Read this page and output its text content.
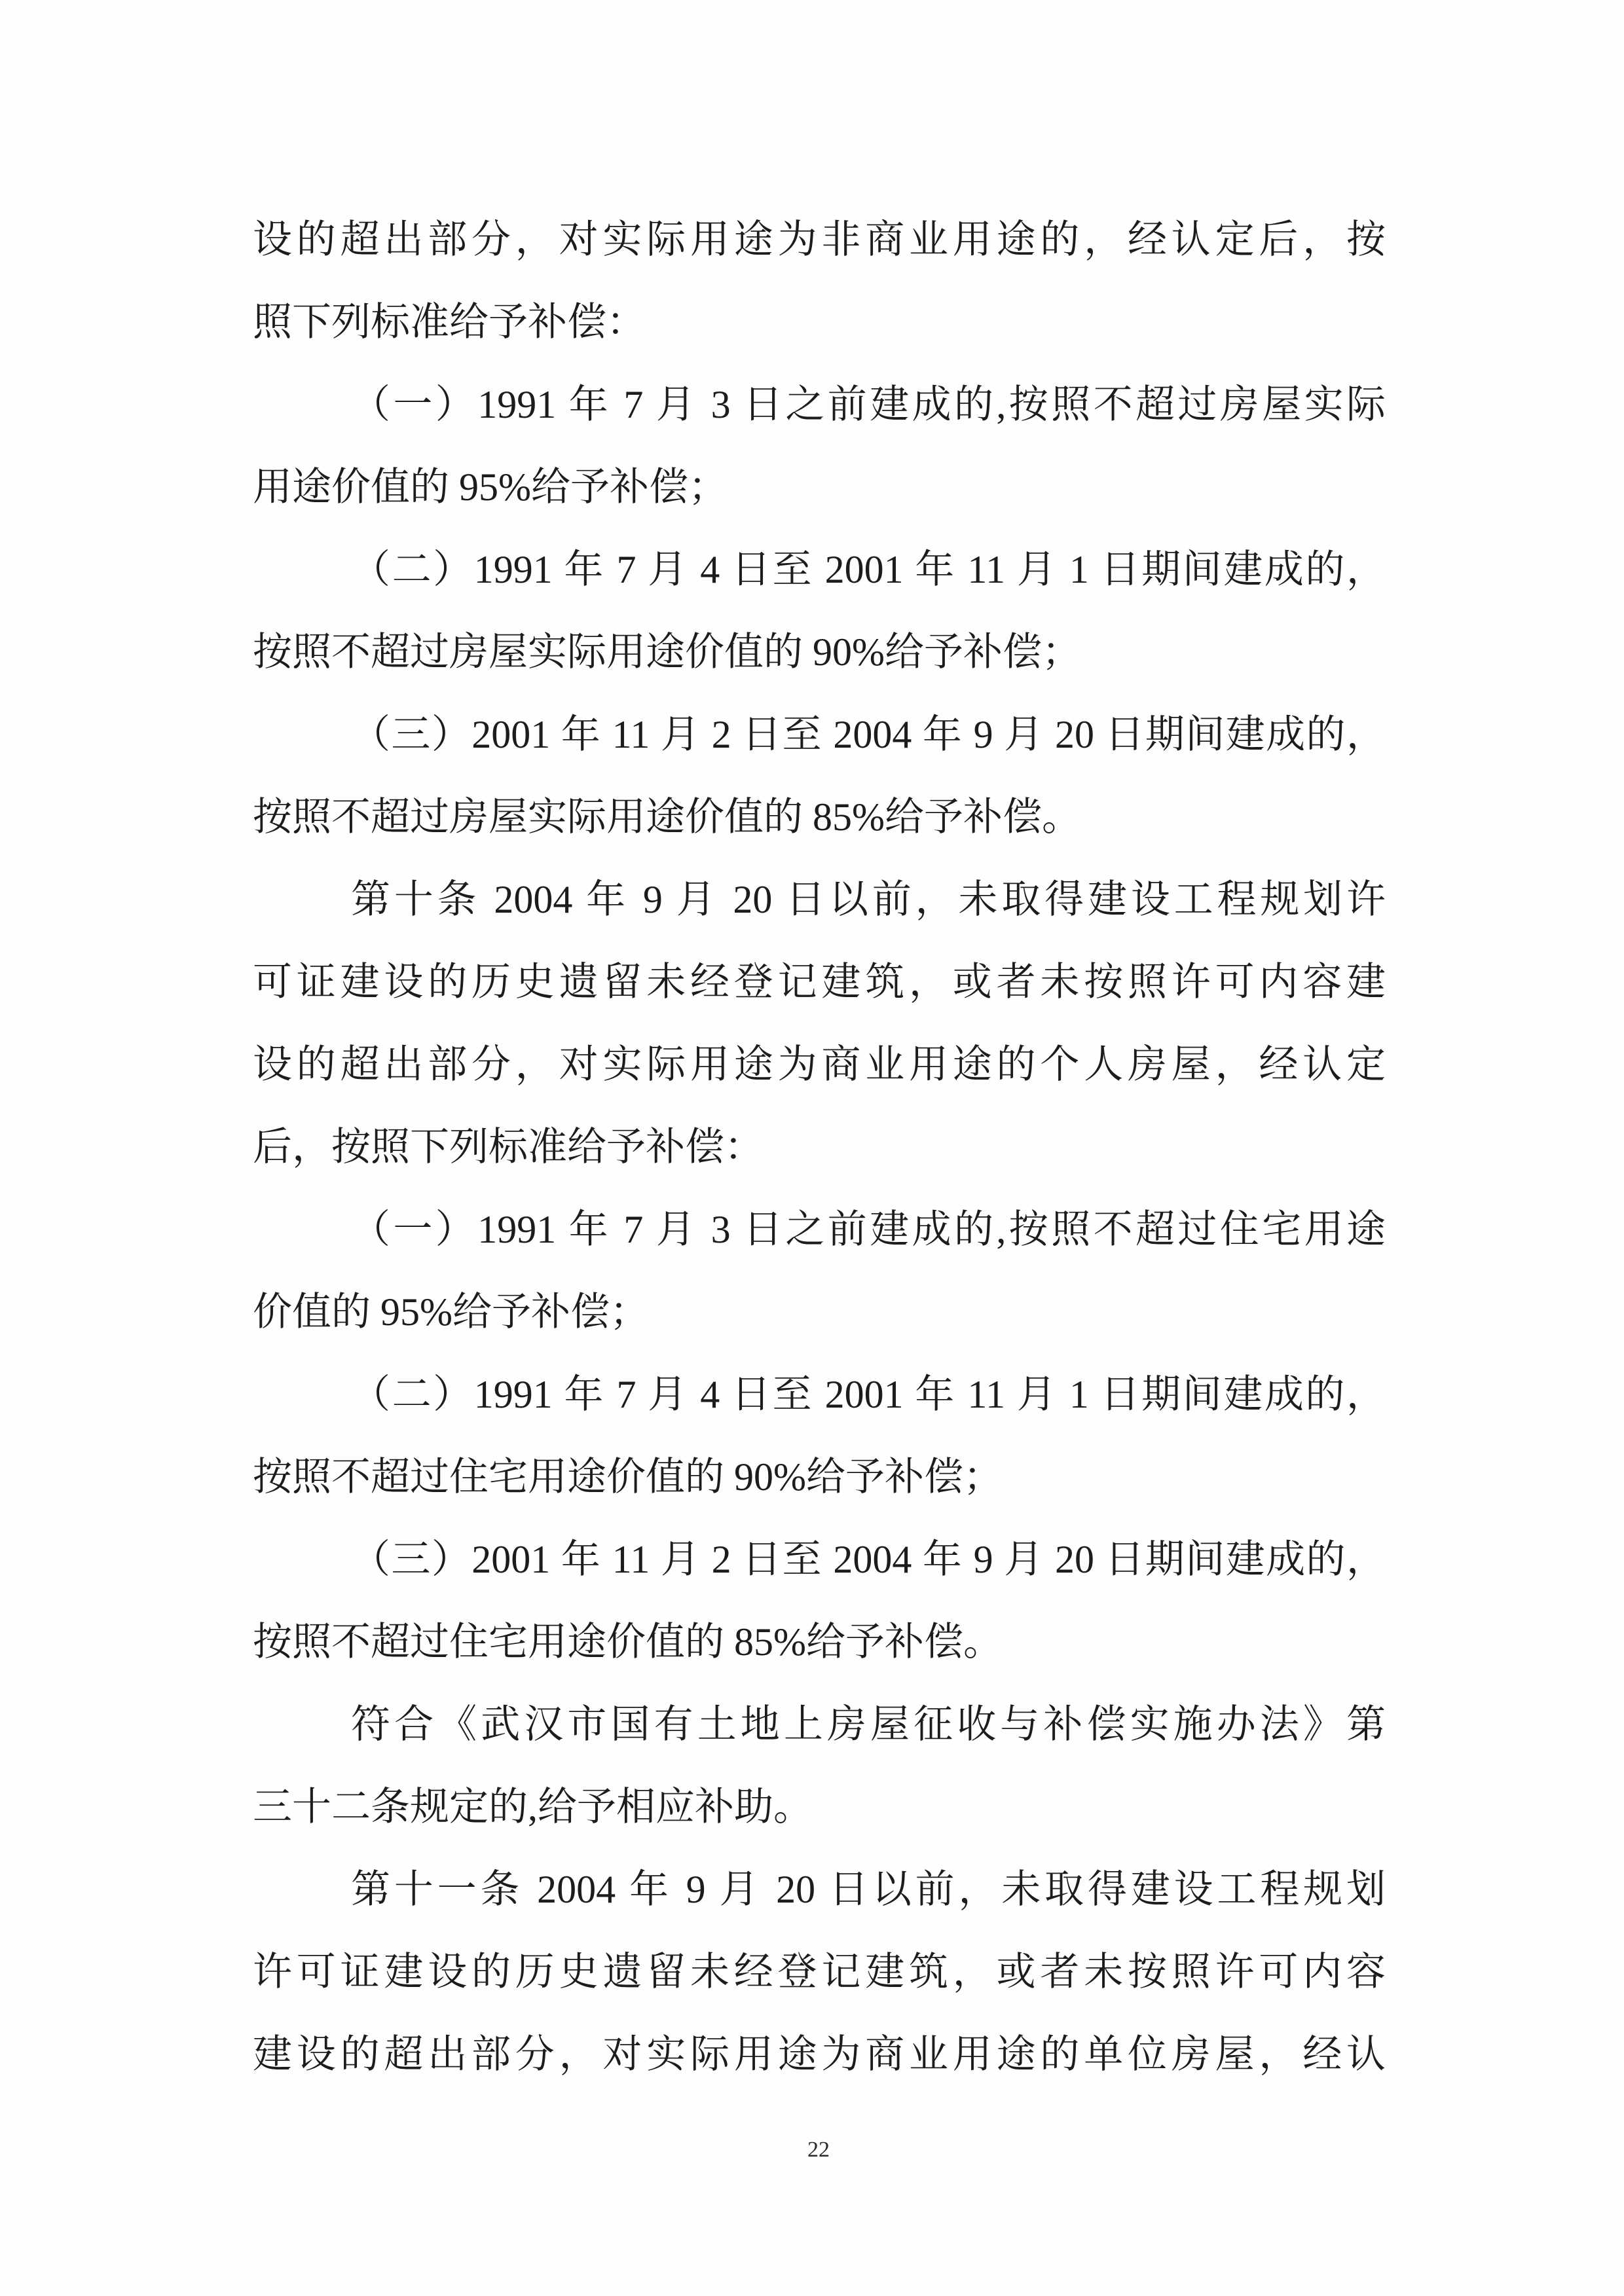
设的超出部分，对实际用途为非商业用途的，经认定后，按
照下列标准给予补偿：
（一）1991 年 7 月 3 日之前建成的,按照不超过房屋实际
用途价值的 95%给予补偿；
（二）1991 年 7 月 4 日至 2001 年 11 月 1 日期间建成的，
按照不超过房屋实际用途价值的 90%给予补偿；
（三）2001 年 11 月 2 日至 2004 年 9 月 20 日期间建成的，
按照不超过房屋实际用途价值的 85%给予补偿。
第十条 2004 年 9 月 20 日以前，未取得建设工程规划许
可证建设的历史遗留未经登记建筑，或者未按照许可内容建
设的超出部分，对实际用途为商业用途的个人房屋，经认定
后，按照下列标准给予补偿：
（一）1991 年 7 月 3 日之前建成的,按照不超过住宅用途
价值的 95%给予补偿；
（二）1991 年 7 月 4 日至 2001 年 11 月 1 日期间建成的，
按照不超过住宅用途价值的 90%给予补偿；
（三）2001 年 11 月 2 日至 2004 年 9 月 20 日期间建成的，
按照不超过住宅用途价值的 85%给予补偿。
符合《武汉市国有土地上房屋征收与补偿实施办法》第
三十二条规定的,给予相应补助。
第十一条 2004 年 9 月 20 日以前，未取得建设工程规划
许可证建设的历史遗留未经登记建筑，或者未按照许可内容
建设的超出部分，对实际用途为商业用途的单位房屋，经认
22
